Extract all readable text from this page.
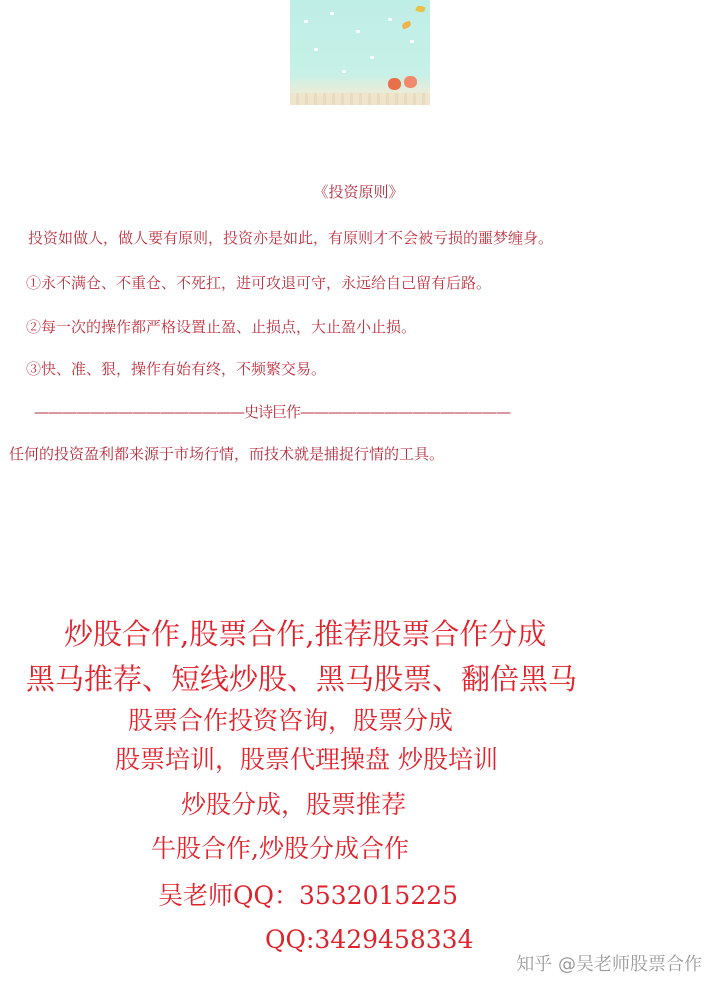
《投资原则》
投资如做人，做人要有原则，投资亦是如此，有原则才不会被亏损的噩梦缠身。
①永不满仓、不重仓、不死扛，进可攻退可守，永远给自己留有后路。
②每一次的操作都严格设置止盈、止损点，大止盈小止损。
③快、准、狠，操作有始有终，不频繁交易。
———————————————史诗巨作———————————————
任何的投资盈利都来源于市场行情，而技术就是捕捉行情的工具。
炒股合作,股票合作,推荐股票合作分成
黑马推荐、短线炒股、黑马股票、翻倍黑马
股票合作投资咨询，股票分成
股票培训，股票代理操盘 炒股培训
炒股分成，股票推荐
牛股合作,炒股分成合作
吴老师QQ：3532015225
QQ:3429458334
知乎 @吴老师股票合作
